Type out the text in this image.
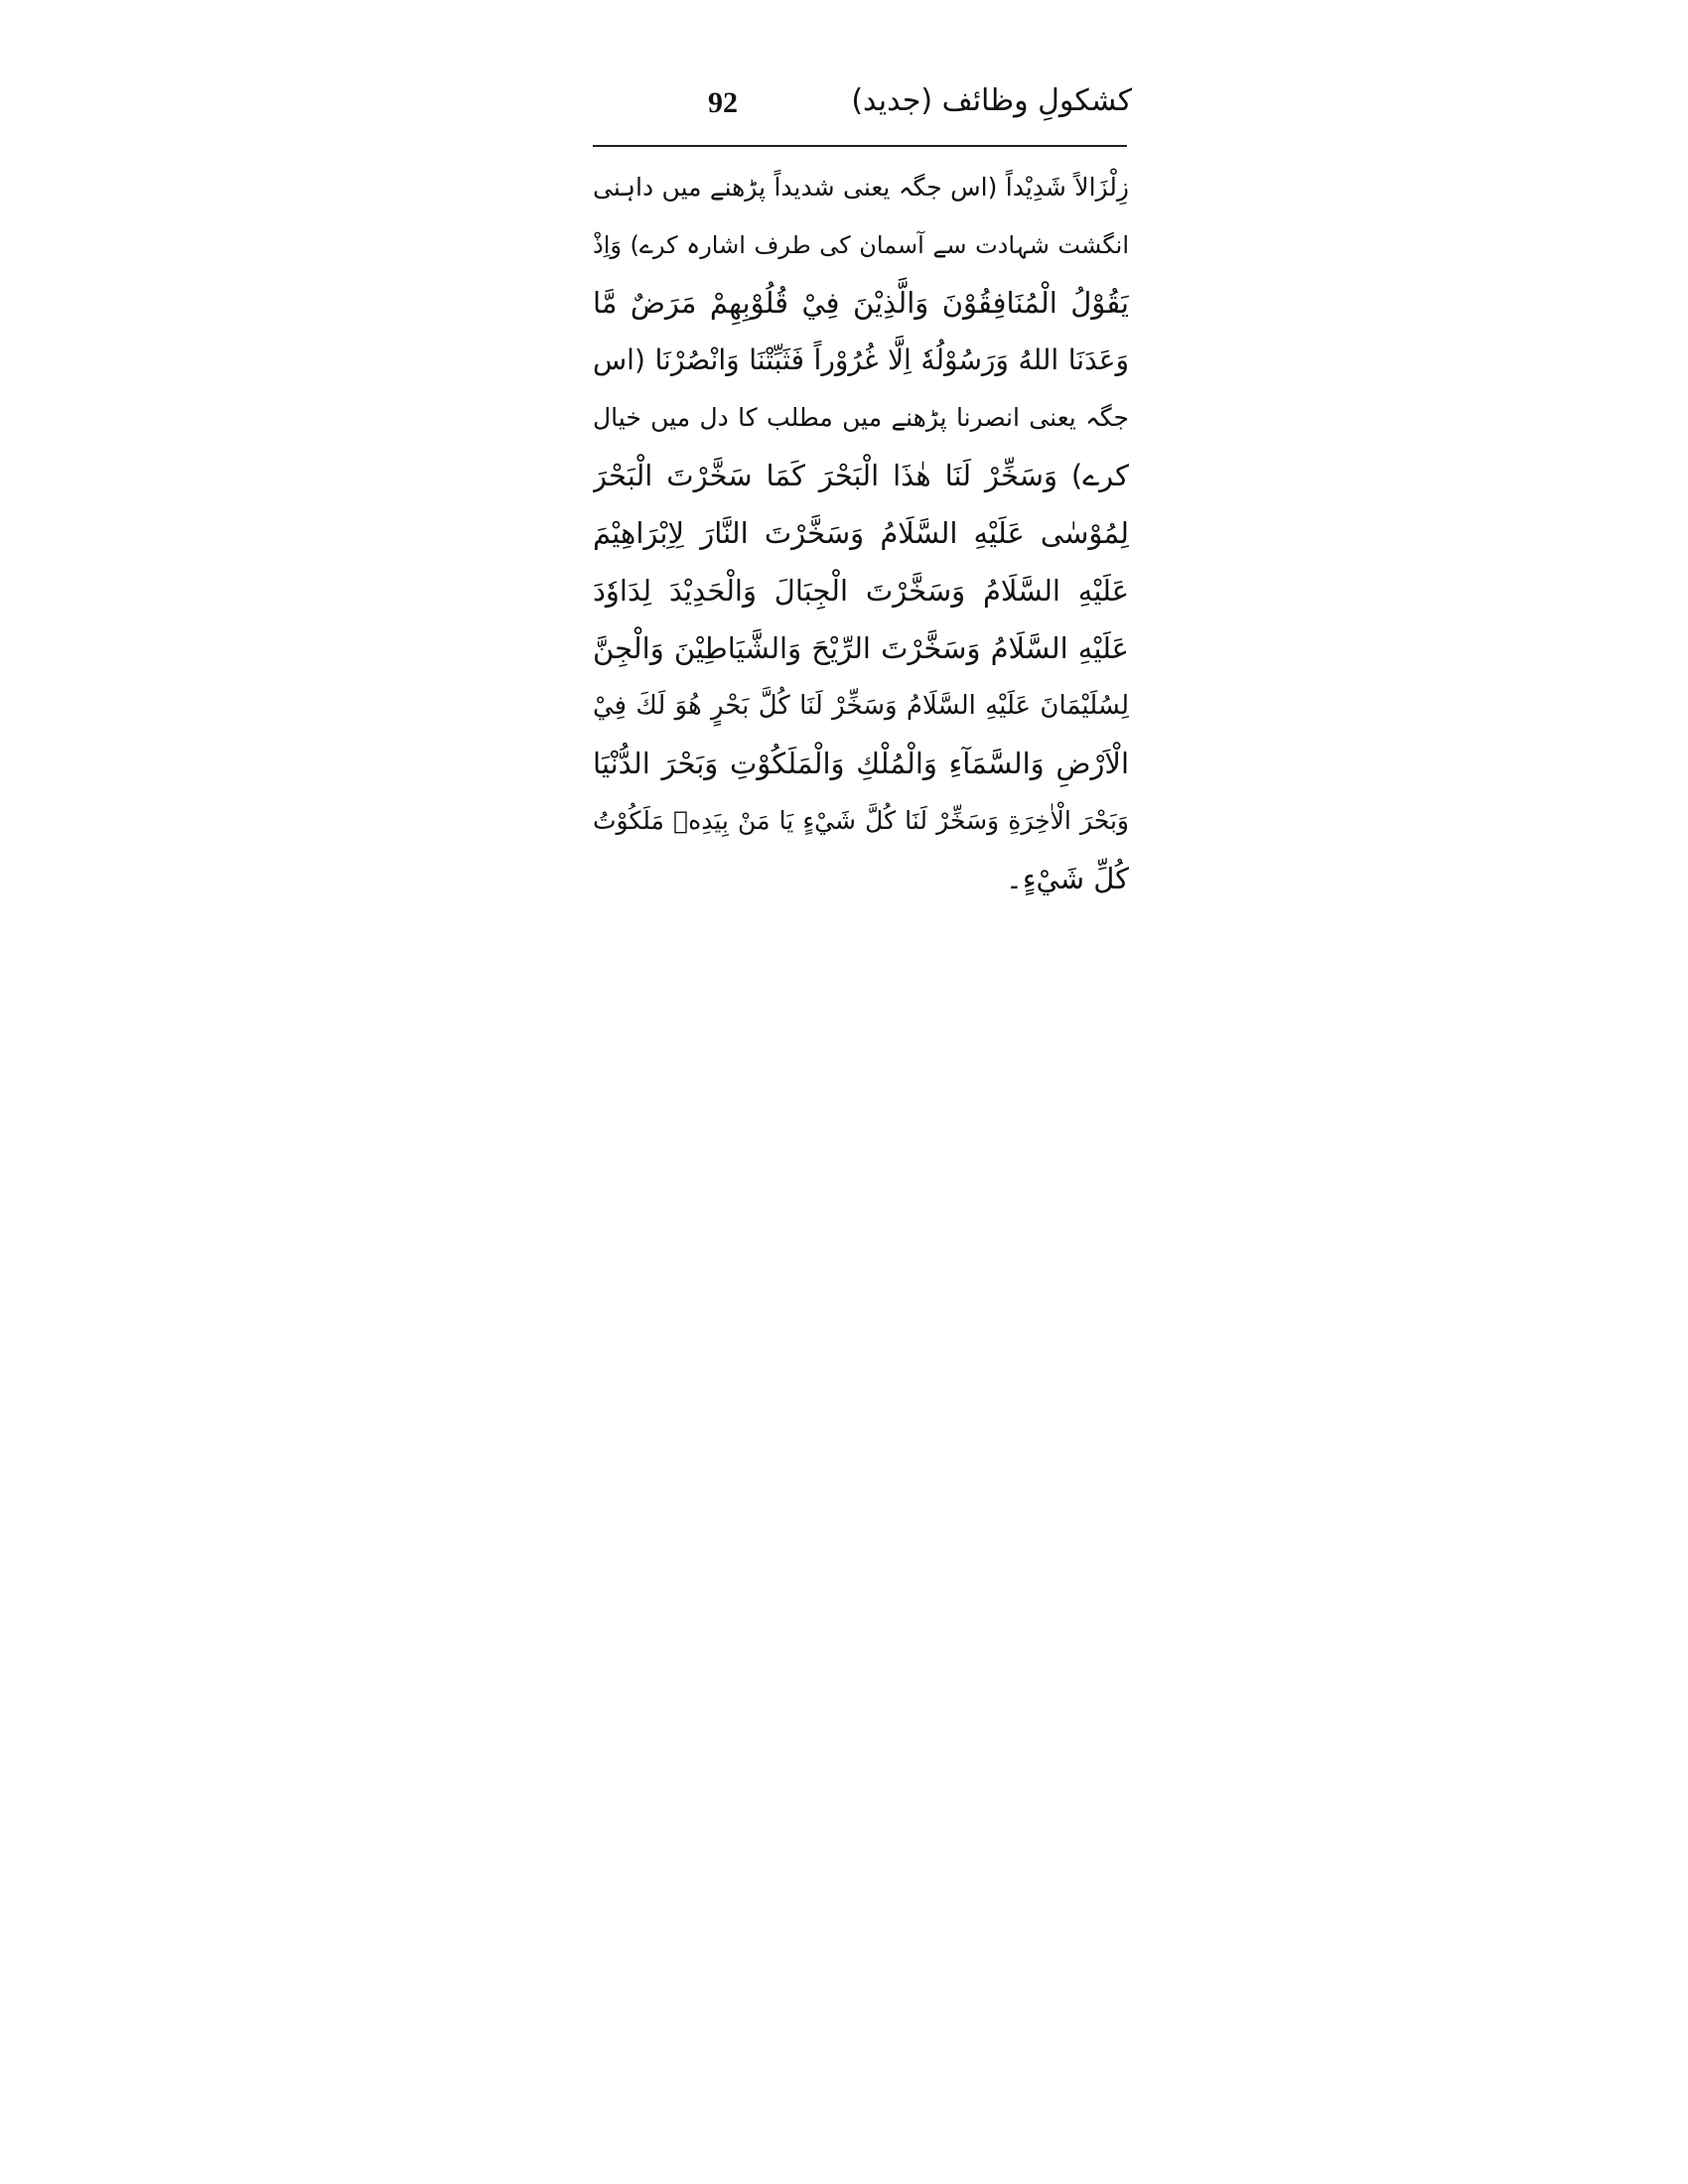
92	کشکولِ وظائف (جدید)
زِلْزَالاً شَدِيْداً (اس جگہ یعنی شدیداً پڑھنے میں داہنی
انگشت شہادت سے آسمان کی طرف اشارہ کرے) وَاِذْ
يَقُوْلُ الْمُنَافِقُوْنَ وَالَّذِيْنَ فِيْ قُلُوْبِهِمْ مَرَضٌ مَّا
وَعَدَنَا اللهُ وَرَسُوْلُهٗ اِلَّا غُرُوْراً فَثَبِّتْنَا وَانْصُرْنَا (اس
جگہ یعنی انصرنا پڑھنے میں مطلب کا دل میں خیال
کرے) وَسَخِّرْ لَنَا هٰذَا الْبَحْرَ كَمَا سَخَّرْتَ الْبَحْرَ
لِمُوْسٰى عَلَيْهِ السَّلَامُ وَسَخَّرْتَ النَّارَ لِاِبْرَاهِيْمَ
عَلَيْهِ السَّلَامُ وَسَخَّرْتَ الْجِبَالَ وَالْحَدِيْدَ لِدَاوٗدَ
عَلَيْهِ السَّلَامُ وَسَخَّرْتَ الرِّيْحَ وَالشَّيَاطِيْنَ وَالْجِنَّ
لِسُلَيْمَانَ عَلَيْهِ السَّلَامُ وَسَخِّرْ لَنَا كُلَّ بَحْرٍ هُوَ لَكَ فِيْ
الْاَرْضِ وَالسَّمَآءِ وَالْمُلْكِ وَالْمَلَكُوْتِ وَبَحْرَ الدُّنْيَا
وَبَحْرَ الْاٰخِرَةِ وَسَخِّرْ لَنَا كُلَّ شَيْءٍ يَا مَنْ بِيَدِهٖ مَلَكُوْتُ
كُلِّ شَيْءٍ۔
